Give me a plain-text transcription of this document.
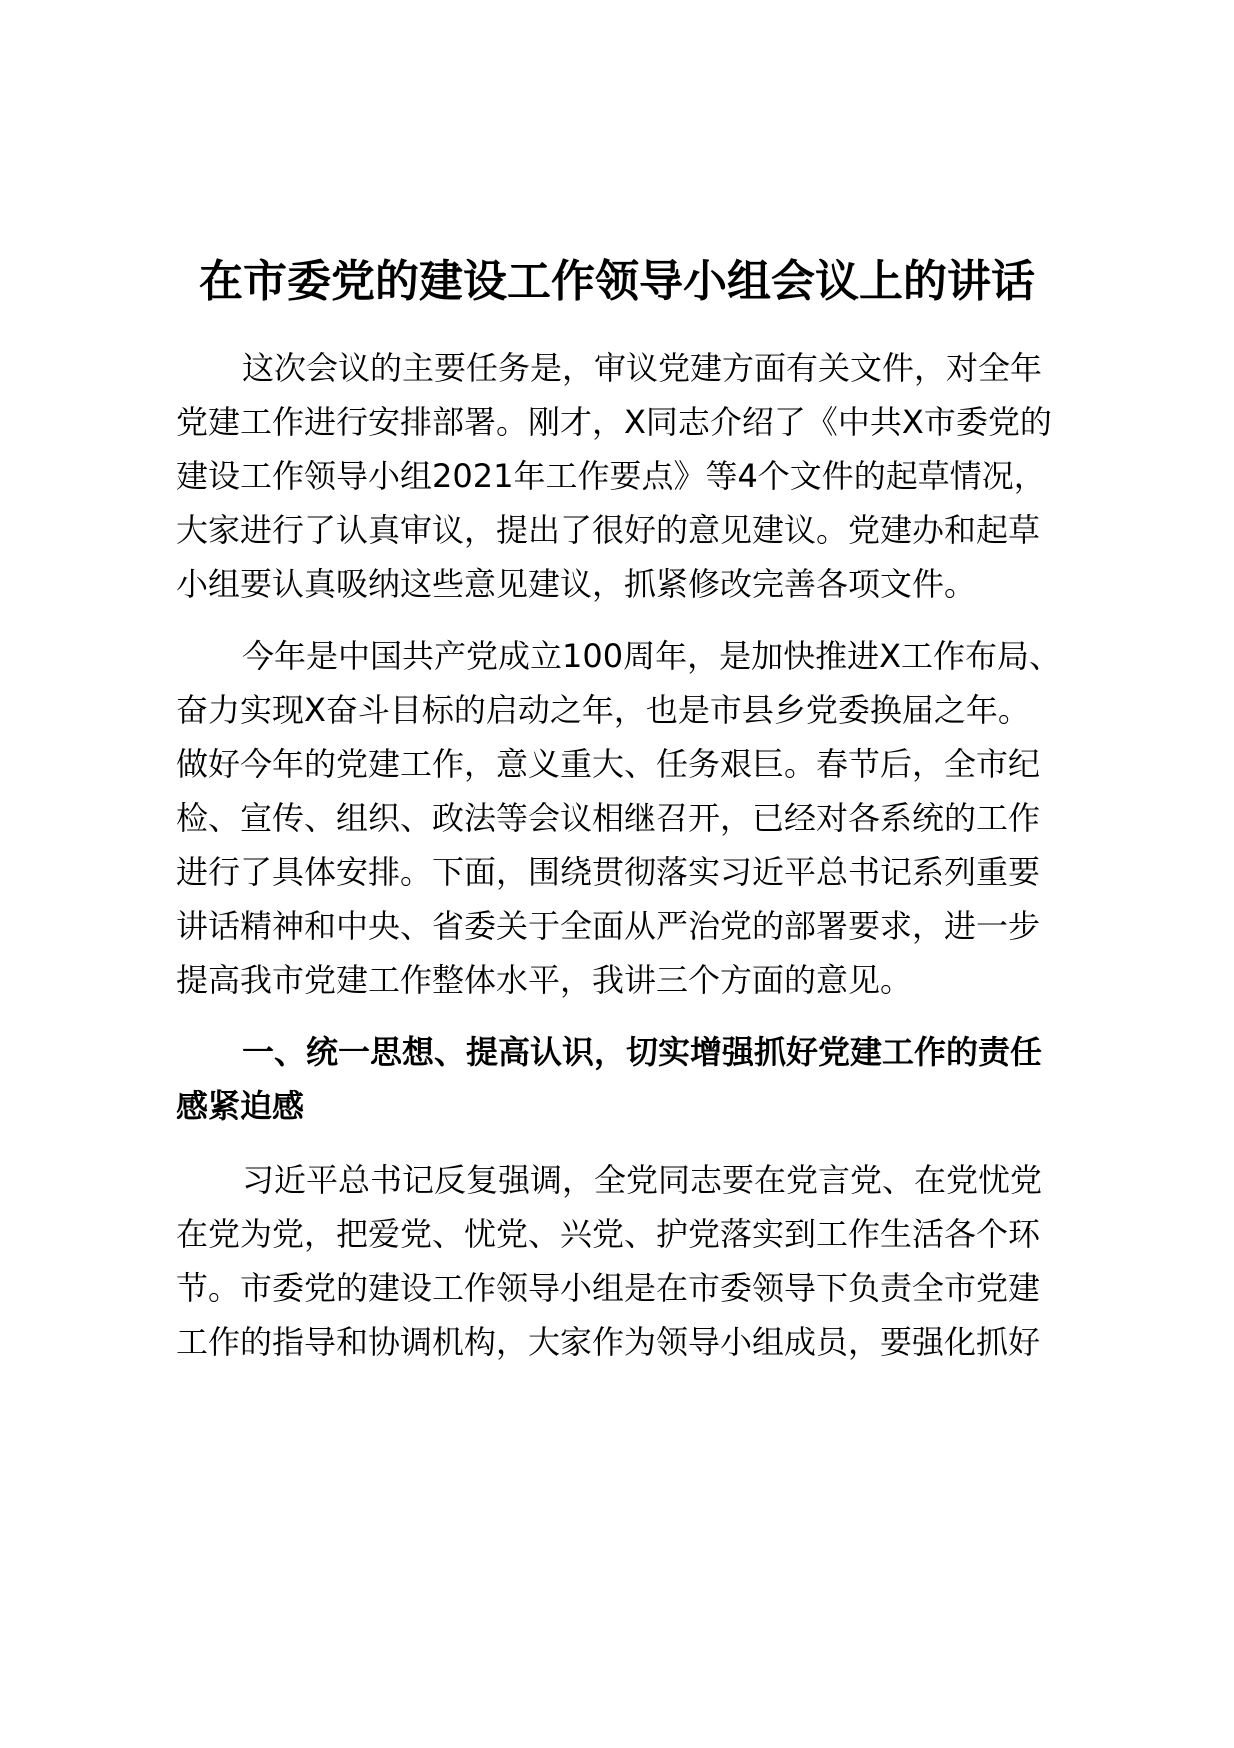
在市委党的建设工作领导小组会议上的讲话
这次会议的主要任务是，审议党建方面有关文件，对全年
党建工作进行安排部署。刚才，X同志介绍了《中共X市委党的
建设工作领导小组2021年工作要点》等4个文件的起草情况，
大家进行了认真审议，提出了很好的意见建议。党建办和起草
小组要认真吸纳这些意见建议，抓紧修改完善各项文件。
今年是中国共产党成立100周年，是加快推进X工作布局、
奋力实现X奋斗目标的启动之年，也是市县乡党委换届之年。
做好今年的党建工作，意义重大、任务艰巨。春节后，全市纪
检、宣传、组织、政法等会议相继召开，已经对各系统的工作
进行了具体安排。下面，围绕贯彻落实习近平总书记系列重要
讲话精神和中央、省委关于全面从严治党的部署要求，进一步
提高我市党建工作整体水平，我讲三个方面的意见。
一、统一思想、提高认识，切实增强抓好党建工作的责任
感紧迫感
习近平总书记反复强调，全党同志要在党言党、在党忧党
在党为党，把爱党、忧党、兴党、护党落实到工作生活各个环
节。市委党的建设工作领导小组是在市委领导下负责全市党建
工作的指导和协调机构，大家作为领导小组成员，要强化抓好
